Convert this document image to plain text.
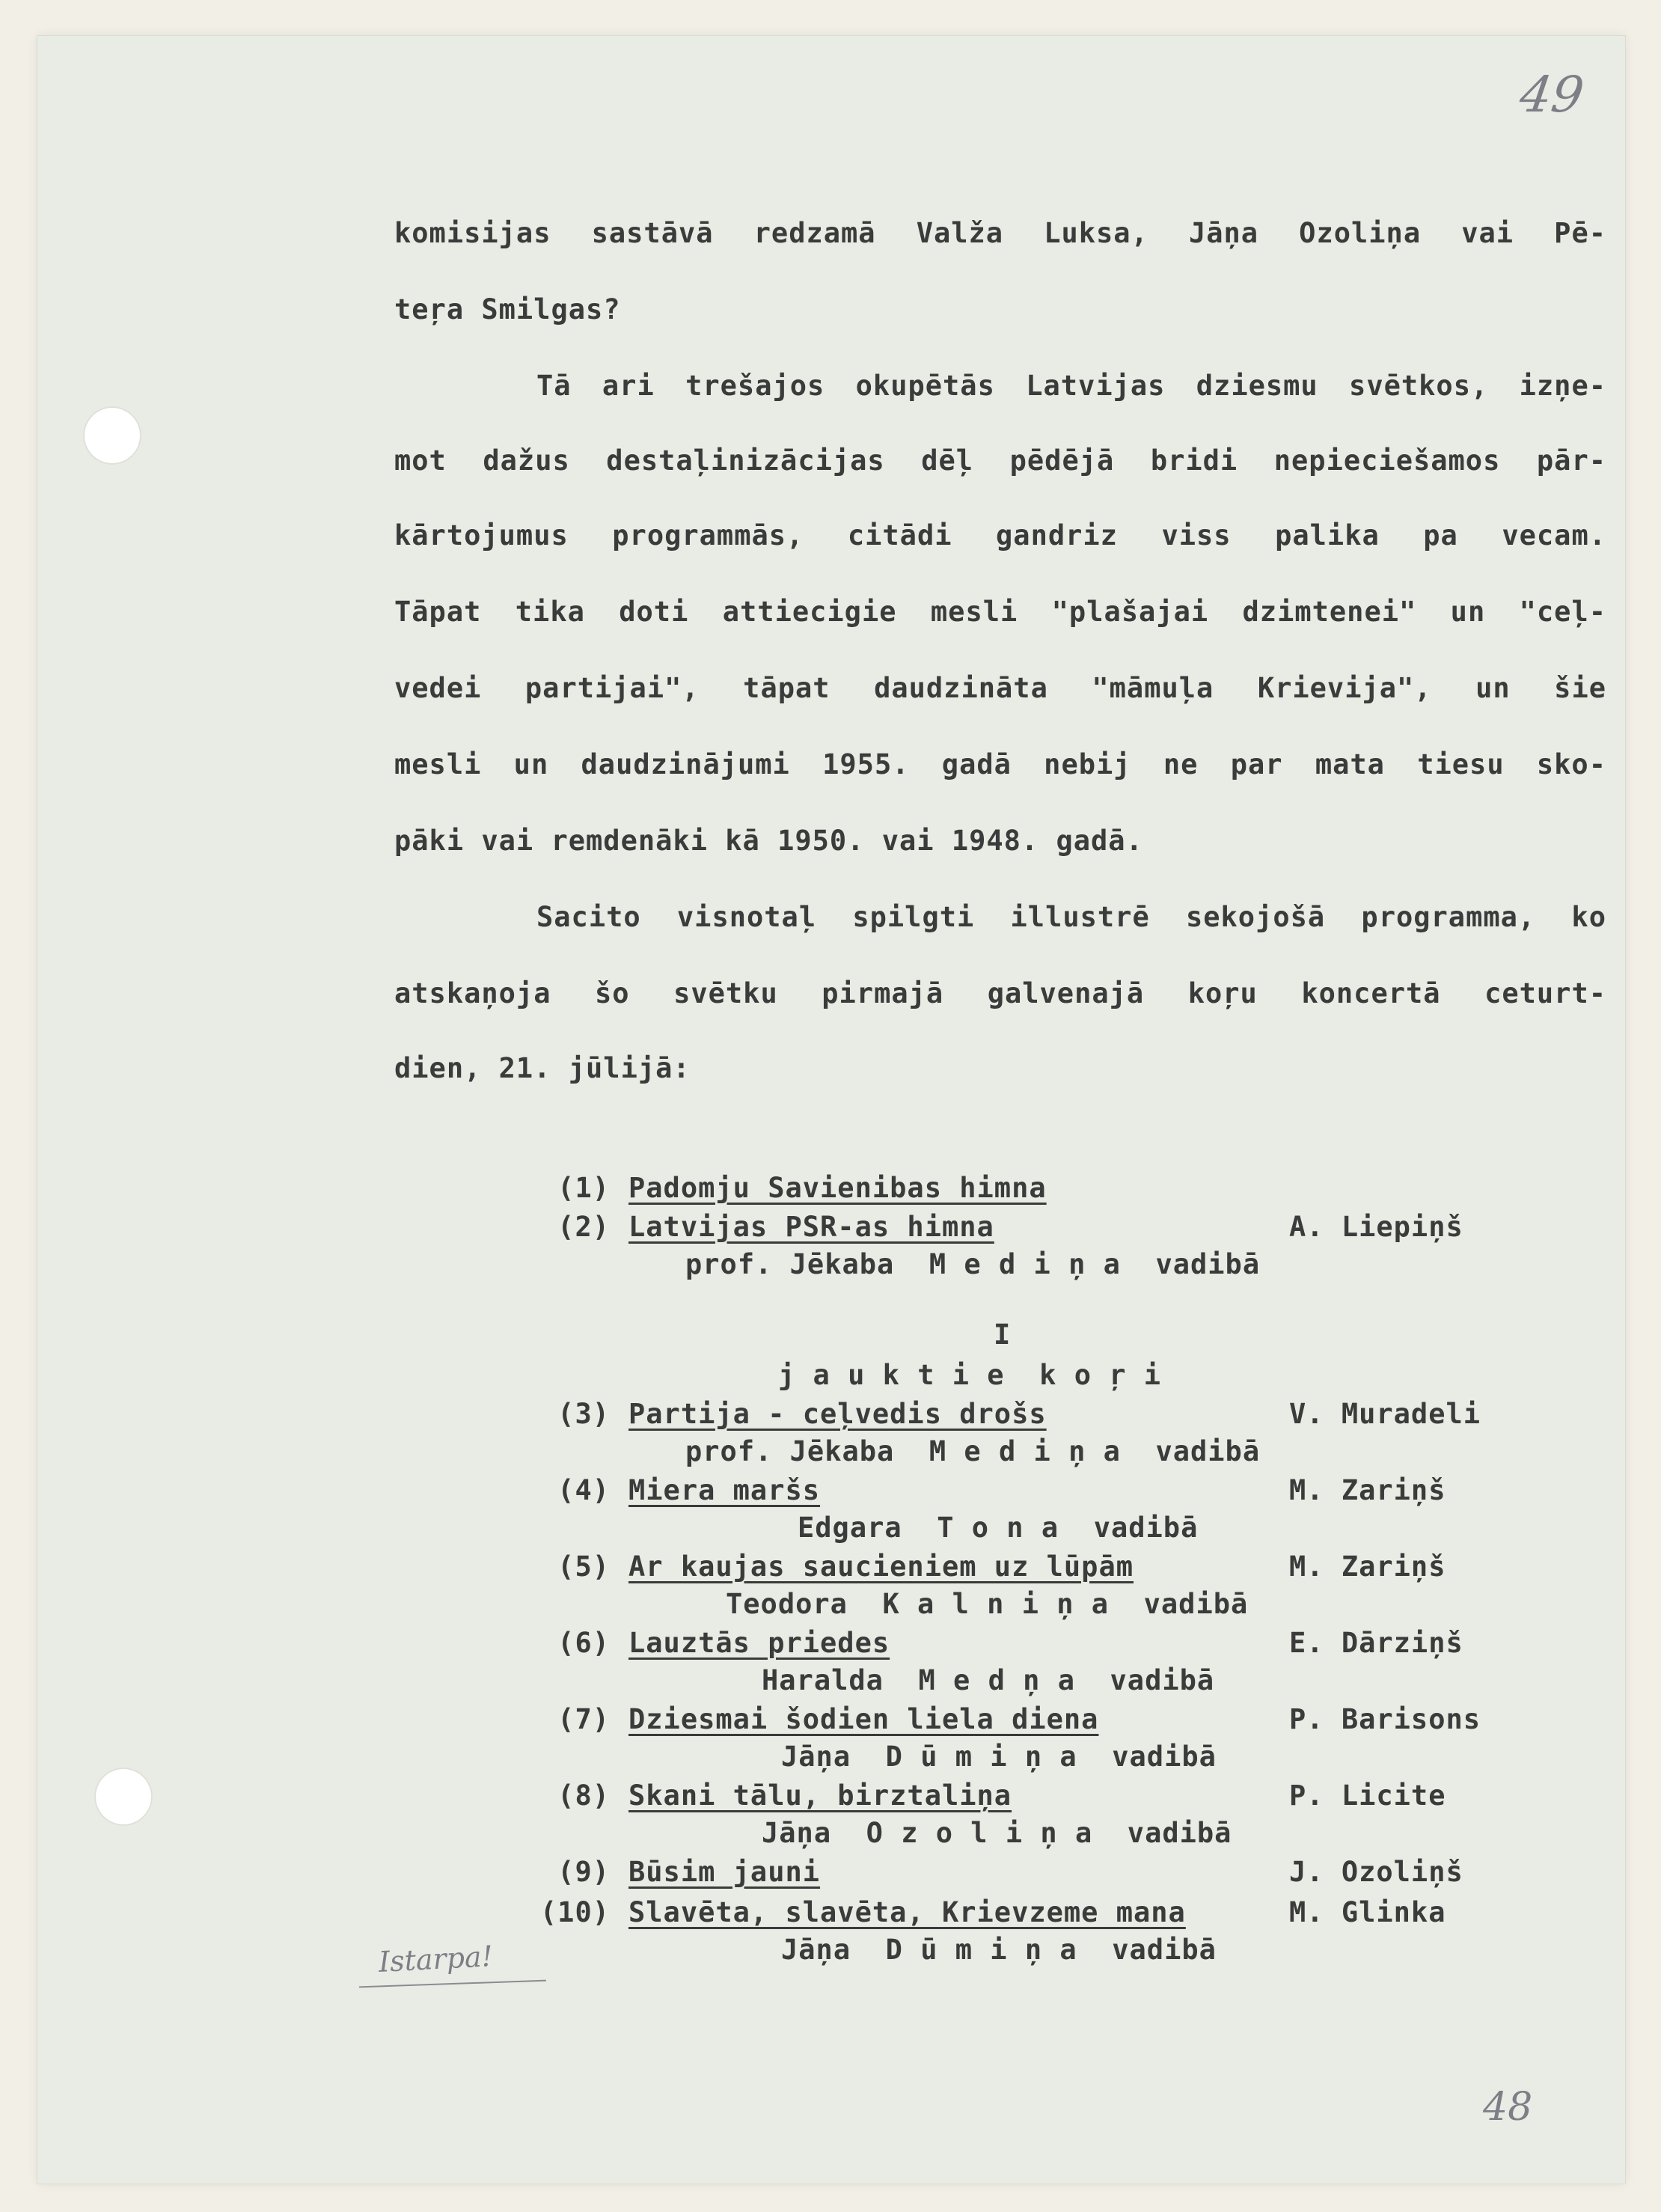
49
komisijas sastāvā redzamā Valža Luksa, Jāņa Ozoliņa vai Pē-
teŗa Smilgas?
Tā ari trešajos okupētās Latvijas dziesmu svētkos, izņe-
mot dažus destaļinizācijas dēļ pēdējā bridi nepieciešamos pār-
kārtojumus programmās, citādi gandriz viss palika pa vecam.
Tāpat tika doti attiecigie mesli "plašajai dzimtenei" un "ceļ-
vedei partijai", tāpat daudzināta "māmuļa Krievija", un šie
mesli un daudzinājumi 1955. gadā nebij ne par mata tiesu sko-
pāki vai remdenāki kā 1950. vai 1948. gadā.
Sacito visnotaļ spilgti illustrē sekojošā programma, ko
atskaņoja šo svētku pirmajā galvenajā koŗu koncertā ceturt-
dien, 21. jūlijā:
(1) Padomju Savienibas himna
(2) Latvijas PSR-as himna	A. Liepiņš
prof. Jēkaba  M e d i ņ a  vadibā
I
j a u k t i e  k o ŗ i
(3) Partija - ceļvedis drošs	V. Muradeli
prof. Jēkaba  M e d i ņ a  vadibā
(4) Miera maršs	M. Zariņš
Edgara  T o n a  vadibā
(5) Ar kaujas saucieniem uz lūpām	M. Zariņš
Teodora  K a l n i ņ a  vadibā
(6) Lauztās priedes	E. Dārziņš
Haralda  M e d ņ a  vadibā
(7) Dziesmai šodien liela diena	P. Barisons
Jāņa  D ū m i ņ a  vadibā
(8) Skani tālu, birztaliņa	P. Licite
Jāņa  O z o l i ņ a  vadibā
(9) Būsim jauni	J. Ozoliņš
(10) Slavēta, slavēta, Krievzeme mana	M. Glinka
Jāņa  D ū m i ņ a  vadibā
Istarpa!
48
